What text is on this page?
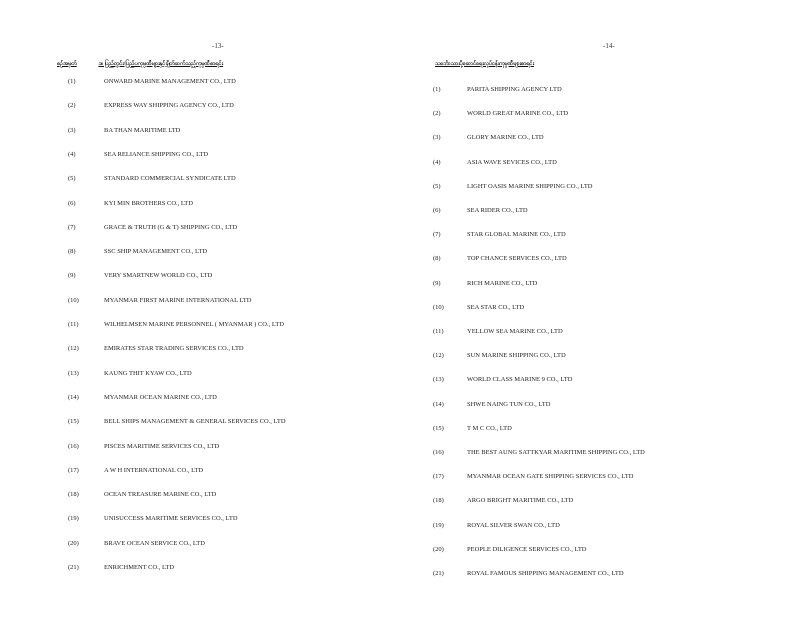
-13-
စဉ်အမှတ်	၁။ ပြည်တွင်း/ပြည်ပကုမ္ပဏီများနှင့်ချိတ်ဆက်သည့်ကုမ္ပဏီစာရင်း
(1)	ONWARD MARINE MANAGEMENT CO., LTD
(2)	EXPRESS WAY SHIPPING AGENCY CO., LTD
(3)	BA THAN MARITIME LTD
(4)	SEA RELIANCE SHIPPING CO., LTD
(5)	STANDARD COMMERCIAL SYNDICATE LTD
(6)	KYI MIN BROTHERS CO., LTD
(7)	GRACE & TRUTH (G & T) SHIPPING CO., LTD
(8)	SSC SHIP MANAGEMENT CO., LTD
(9)	VERY SMARTNEW WORLD CO., LTD
(10)	MYANMAR FIRST MARINE INTERNATIONAL LTD
(11)	WILHELMSEN MARINE PERSONNEL ( MYANMAR ) CO., LTD
(12)	EMIRATES STAR TRADING SERVICES CO., LTD
(13)	KAUNG THIT KYAW CO., LTD
(14)	MYANMAR OCEAN MARINE CO., LTD
(15)	BELL SHIPS MANAGEMENT & GENERAL SERVICES CO., LTD
(16)	PISCES MARITIME SERVICES CO., LTD
(17)	A W H INTERNATIONAL CO., LTD
(18)	OCEAN TREASURE MARINE CO., LTD
(19)	UNISUCCESS MARITIME SERVICES CO., LTD
(20)	BRAVE OCEAN SERVICE CO., LTD
(21)	ENRICHMENT CO., LTD
-14-
သင်္ဘောသားပို့ဆောင်ရေးလုပ်ငန်းကုမ္ပဏီများစာရင်း
(1)	PARITA SHIPPING AGENCY LTD
(2)	WORLD GREAT MARINE CO., LTD
(3)	GLORY MARINE CO., LTD
(4)	ASIA WAVE SEVICES CO., LTD
(5)	LIGHT OASIS MARINE SHIPPING CO., LTD
(6)	SEA RIDER CO., LTD
(7)	STAR GLOBAL MARINE CO., LTD
(8)	TOP CHANCE SERVICES CO., LTD
(9)	RICH MARINE CO., LTD
(10)	SEA STAR CO., LTD
(11)	YELLOW SEA MARINE CO., LTD
(12)	SUN MARINE SHIPPING CO., LTD
(13)	WORLD CLASS MARINE 9 CO., LTD
(14)	SHWE NAING TUN CO., LTD
(15)	T M C CO., LTD
(16)	THE BEST AUNG SATTKYAR MARITIME SHIPPING CO., LTD
(17)	MYANMAR OCEAN GATE SHIPPING SERVICES CO., LTD
(18)	ARGO BRIGHT MARITIME CO., LTD
(19)	ROYAL SILVER SWAN CO., LTD
(20)	PEOPLE DILIGENCE SERVICES CO., LTD
(21)	ROYAL FAMOUS SHIPPING MANAGEMENT CO., LTD
